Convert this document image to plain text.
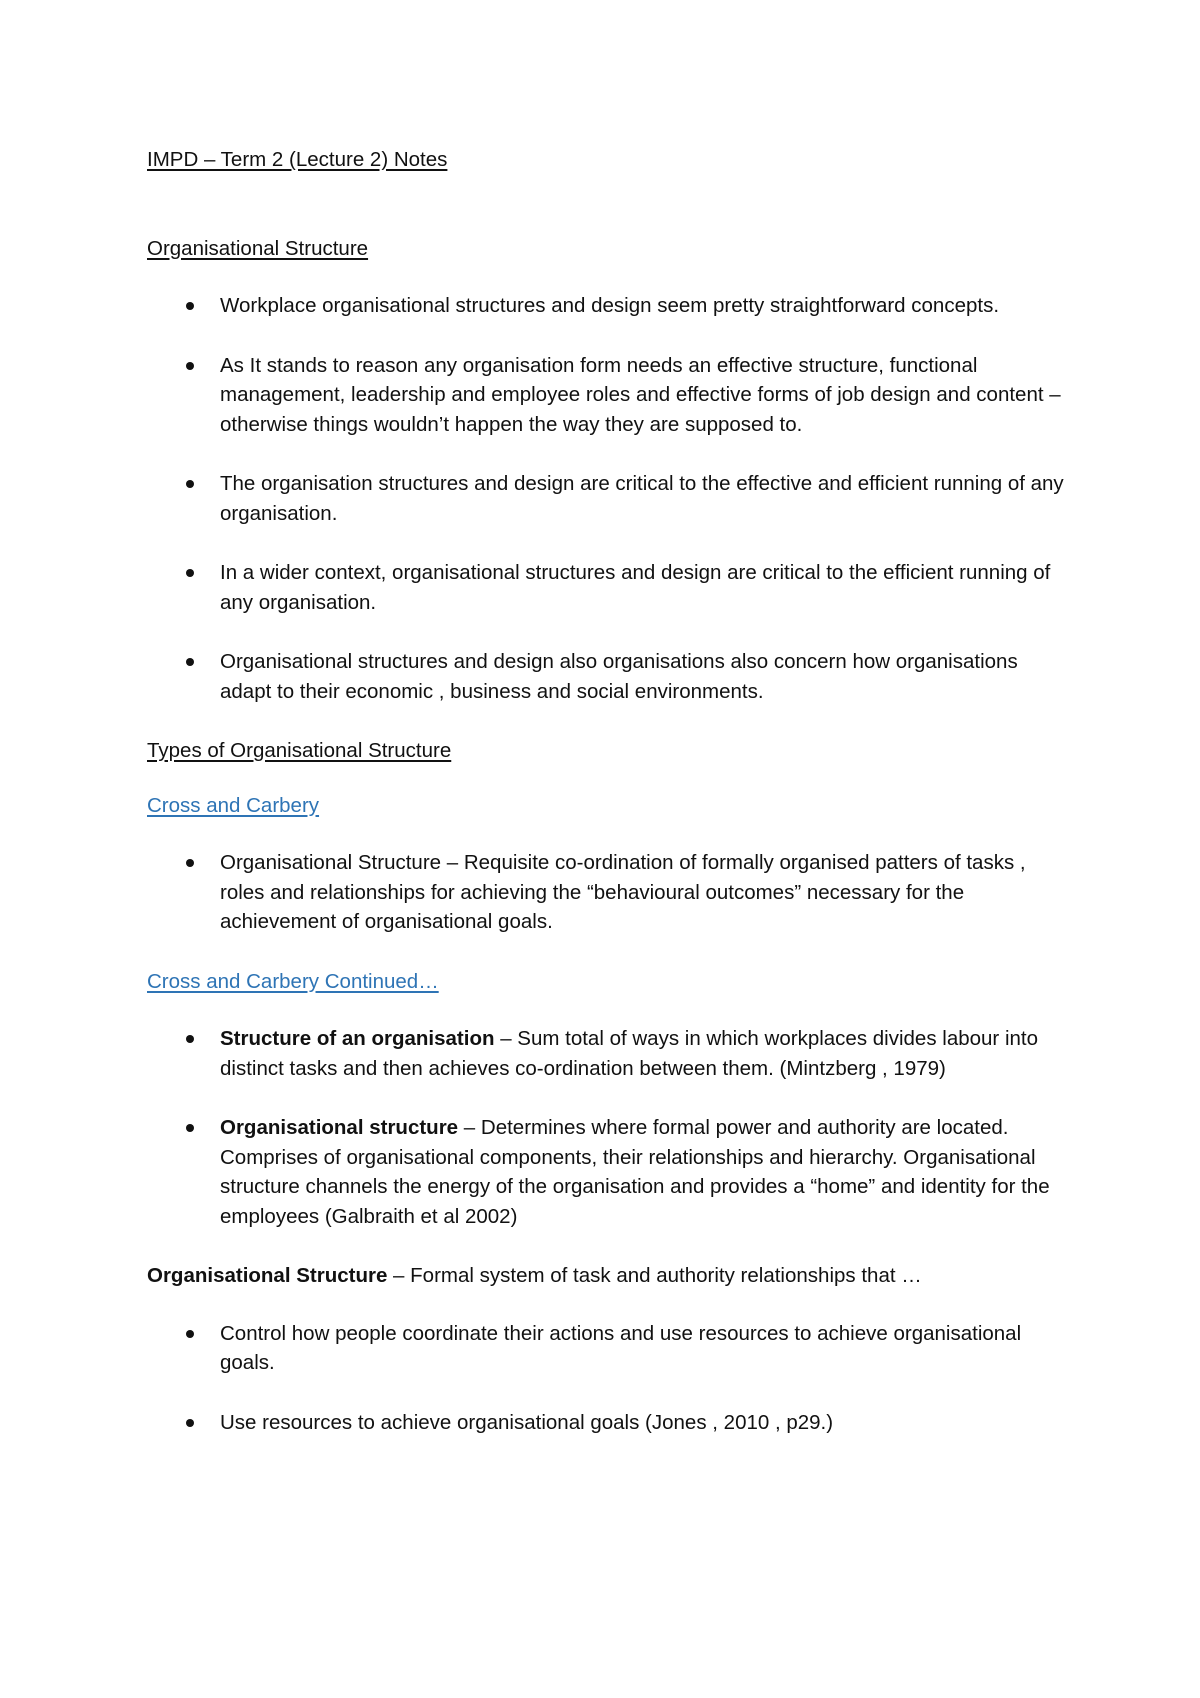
IMPD – Term 2 (Lecture 2) Notes

Organisational Structure

Workplace organisational structures and design seem pretty straightforward concepts.
As It stands to reason any organisation form needs an effective structure, functional management, leadership and employee roles and effective forms of job design and content – otherwise things wouldn’t happen the way they are supposed to.
The organisation structures and design are critical to the effective and efficient running of any organisation.
In a wider context, organisational structures and design are critical to the efficient running of any organisation.
Organisational structures and design also organisations also concern how organisations adapt to their economic , business and social environments.

Types of Organisational Structure

Cross and Carbery

Organisational Structure – Requisite co-ordination of formally organised patters of tasks , roles and relationships for achieving the “behavioural outcomes” necessary for the achievement of organisational goals.

Cross and Carbery Continued…

Structure of an organisation – Sum total of ways in which workplaces divides labour into distinct tasks and then achieves co-ordination between them. (Mintzberg , 1979)
Organisational structure – Determines where formal power and authority are located. Comprises of organisational components, their relationships and hierarchy. Organisational structure channels the energy of the organisation and provides a “home” and identity for the employees (Galbraith et al 2002)

Organisational Structure – Formal system of task and authority relationships that …

Control how people coordinate their actions and use resources to achieve organisational goals.
Use resources to achieve organisational goals (Jones , 2010 , p29.)
